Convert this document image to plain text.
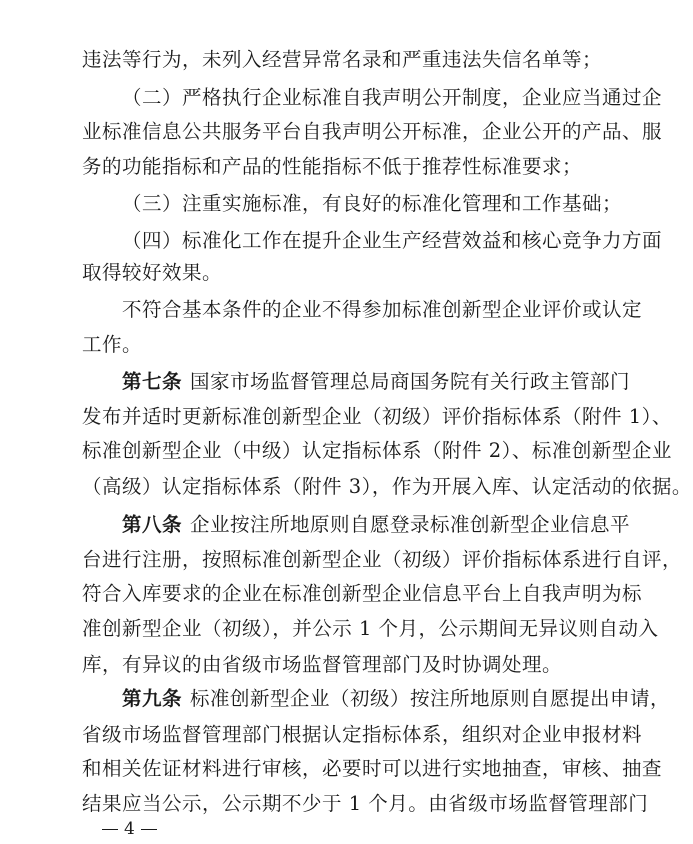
违法等行为，未列入经营异常名录和严重违法失信名单等；
（二）严格执行企业标准自我声明公开制度，企业应当通过企
业标准信息公共服务平台自我声明公开标准，企业公开的产品、服
务的功能指标和产品的性能指标不低于推荐性标准要求；
（三）注重实施标准，有良好的标准化管理和工作基础；
（四）标准化工作在提升企业生产经营效益和核心竞争力方面
取得较好效果。
不符合基本条件的企业不得参加标准创新型企业评价或认定
工作。
第七条 国家市场监督管理总局商国务院有关行政主管部门
发布并适时更新标准创新型企业（初级）评价指标体系（附件 1）、
标准创新型企业（中级）认定指标体系（附件 2）、标准创新型企业
（高级）认定指标体系（附件 3），作为开展入库、认定活动的依据。
第八条 企业按注所地原则自愿登录标准创新型企业信息平
台进行注册，按照标准创新型企业（初级）评价指标体系进行自评，
符合入库要求的企业在标准创新型企业信息平台上自我声明为标
准创新型企业（初级），并公示 1 个月，公示期间无异议则自动入
库，有异议的由省级市场监督管理部门及时协调处理。
第九条 标准创新型企业（初级）按注所地原则自愿提出申请，
省级市场监督管理部门根据认定指标体系，组织对企业申报材料
和相关佐证材料进行审核，必要时可以进行实地抽查，审核、抽查
结果应当公示，公示期不少于 1 个月。由省级市场监督管理部门
4
